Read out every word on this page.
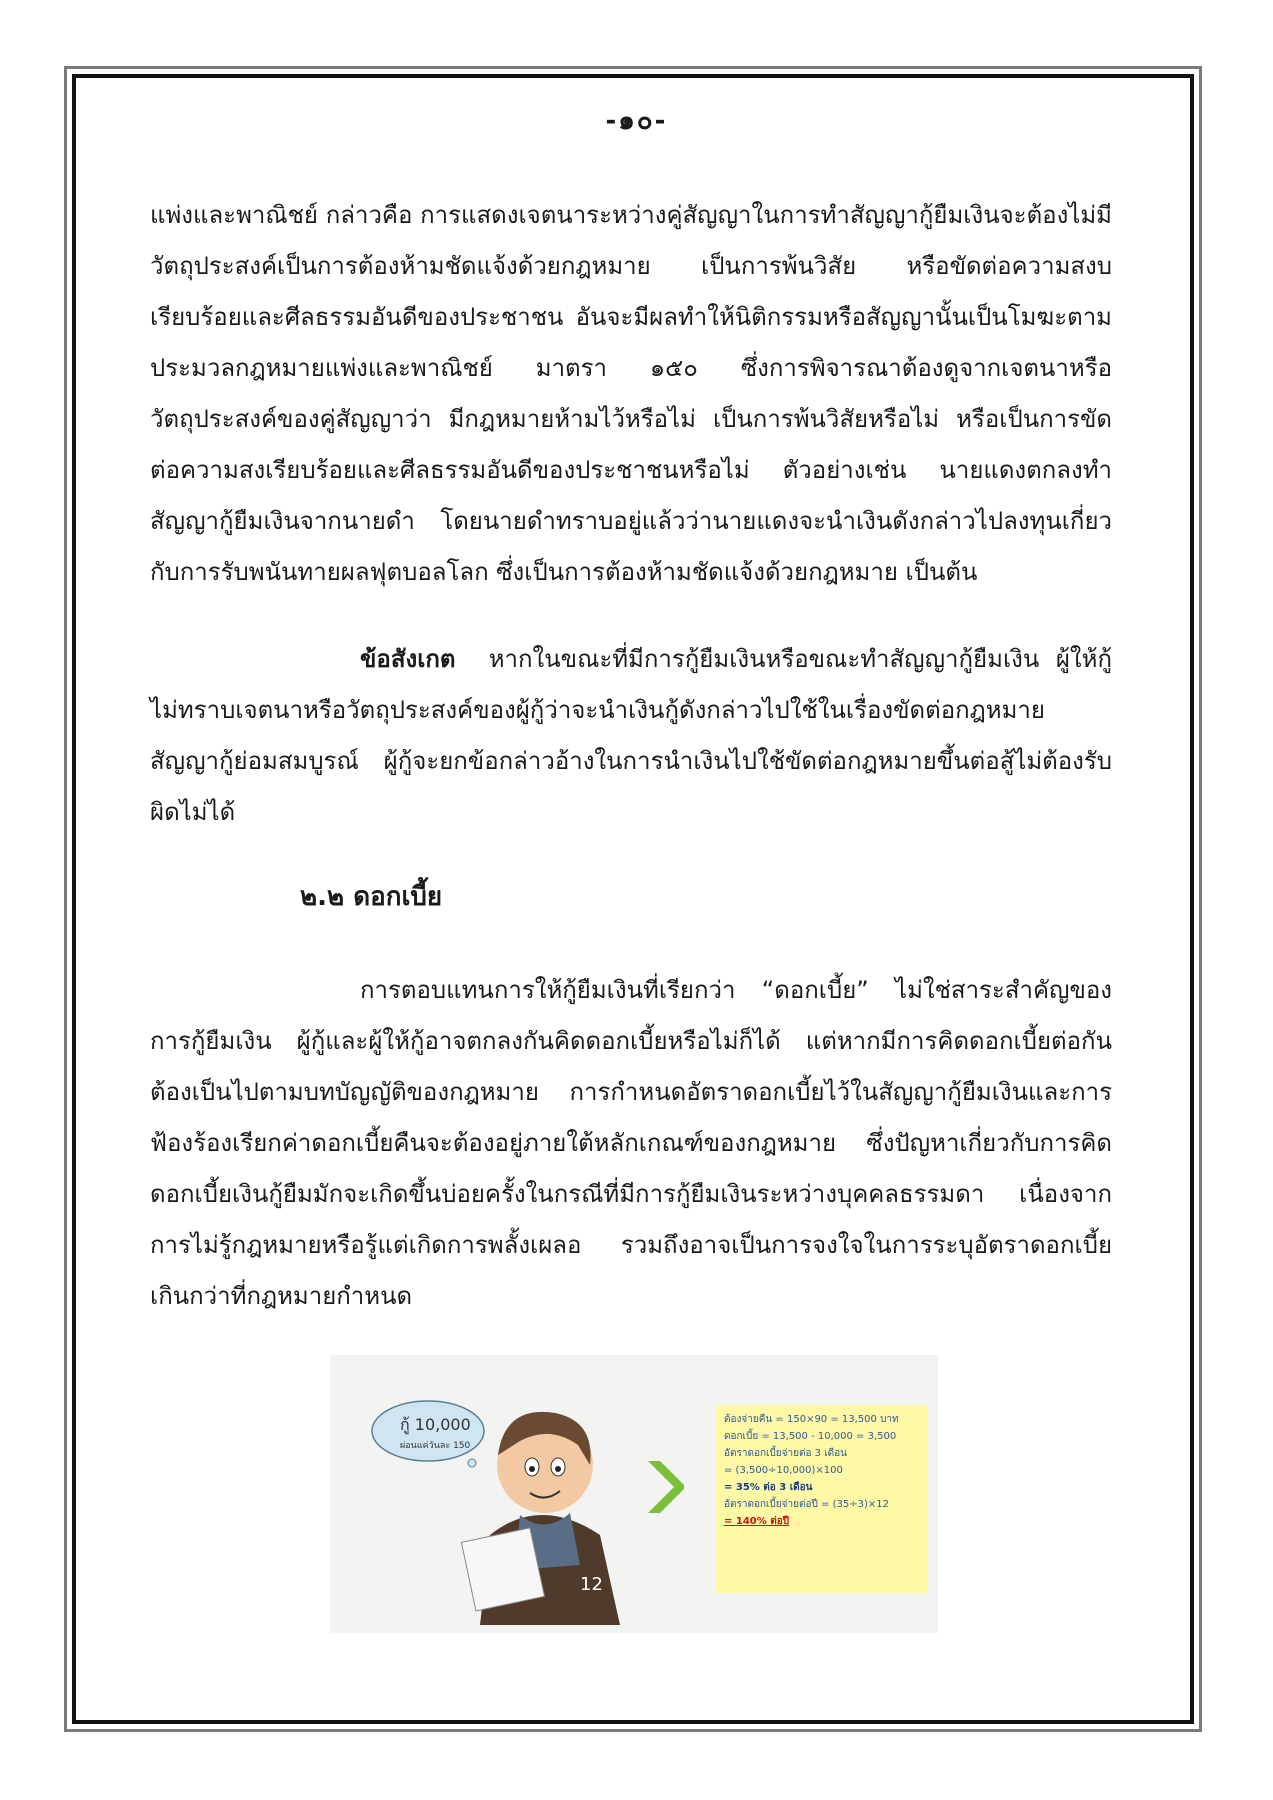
-๑๐-

แพ่งและพาณิชย์ กล่าวคือ การแสดงเจตนาระหว่างคู่สัญญาในการทำสัญญากู้ยืมเงินจะต้องไม่มีวัตถุประสงค์เป็นการต้องห้ามชัดแจ้งด้วยกฎหมาย เป็นการพ้นวิสัย หรือขัดต่อความสงบเรียบร้อยและศีลธรรมอันดีของประชาชน อันจะมีผลทำให้นิติกรรมหรือสัญญานั้นเป็นโมฆะตามประมวลกฎหมายแพ่งและพาณิชย์ มาตรา ๑๕๐ ซึ่งการพิจารณาต้องดูจากเจตนาหรือวัตถุประสงค์ของคู่สัญญาว่า มีกฎหมายห้ามไว้หรือไม่ เป็นการพ้นวิสัยหรือไม่ หรือเป็นการขัดต่อความสงเรียบร้อยและศีลธรรมอันดีของประชาชนหรือไม่ ตัวอย่างเช่น นายแดงตกลงทำสัญญากู้ยืมเงินจากนายดำ โดยนายดำทราบอยู่แล้วว่านายแดงจะนำเงินดังกล่าวไปลงทุนเกี่ยวกับการรับพนันทายผลฟุตบอลโลก ซึ่งเป็นการต้องห้ามชัดแจ้งด้วยกฎหมาย เป็นต้น

ข้อสังเกต หากในขณะที่มีการกู้ยืมเงินหรือขณะทำสัญญากู้ยืมเงิน ผู้ให้กู้ไม่ทราบเจตนาหรือวัตถุประสงค์ของผู้กู้ว่าจะนำเงินกู้ดังกล่าวไปใช้ในเรื่องขัดต่อกฎหมาย สัญญากู้ย่อมสมบูรณ์ ผู้กู้จะยกข้อกล่าวอ้างในการนำเงินไปใช้ขัดต่อกฎหมายขึ้นต่อสู้ไม่ต้องรับผิดไม่ได้

๒.๒ ดอกเบี้ย

การตอบแทนการให้กู้ยืมเงินที่เรียกว่า “ดอกเบี้ย” ไม่ใช่สาระสำคัญของการกู้ยืมเงิน ผู้กู้และผู้ให้กู้อาจตกลงกันคิดดอกเบี้ยหรือไม่ก็ได้ แต่หากมีการคิดดอกเบี้ยต่อกันต้องเป็นไปตามบทบัญญัติของกฎหมาย การกำหนดอัตราดอกเบี้ยไว้ในสัญญากู้ยืมเงินและการฟ้องร้องเรียกค่าดอกเบี้ยคืนจะต้องอยู่ภายใต้หลักเกณฑ์ของกฎหมาย ซึ่งปัญหาเกี่ยวกับการคิดดอกเบี้ยเงินกู้ยืมมักจะเกิดขึ้นบ่อยครั้งในกรณีที่มีการกู้ยืมเงินระหว่างบุคคลธรรมดา เนื่องจากการไม่รู้กฎหมายหรือรู้แต่เกิดการพลั้งเผลอ รวมถึงอาจเป็นการจงใจในการระบุอัตราดอกเบี้ยเกินกว่าที่กฎหมายกำหนด

กู้ 10,000
ผ่อนแค่วันละ 150
12
ต้องจ่ายคืน = 150×90 = 13,500 บาท
ดอกเบี้ย = 13,500 - 10,000 = 3,500
อัตราดอกเบี้ยจ่ายต่อ 3 เดือน
= (3,500÷10,000)×100
= 35% ต่อ 3 เดือน
อัตราดอกเบี้ยจ่ายต่อปี = (35÷3)×12
= 140% ต่อปี
